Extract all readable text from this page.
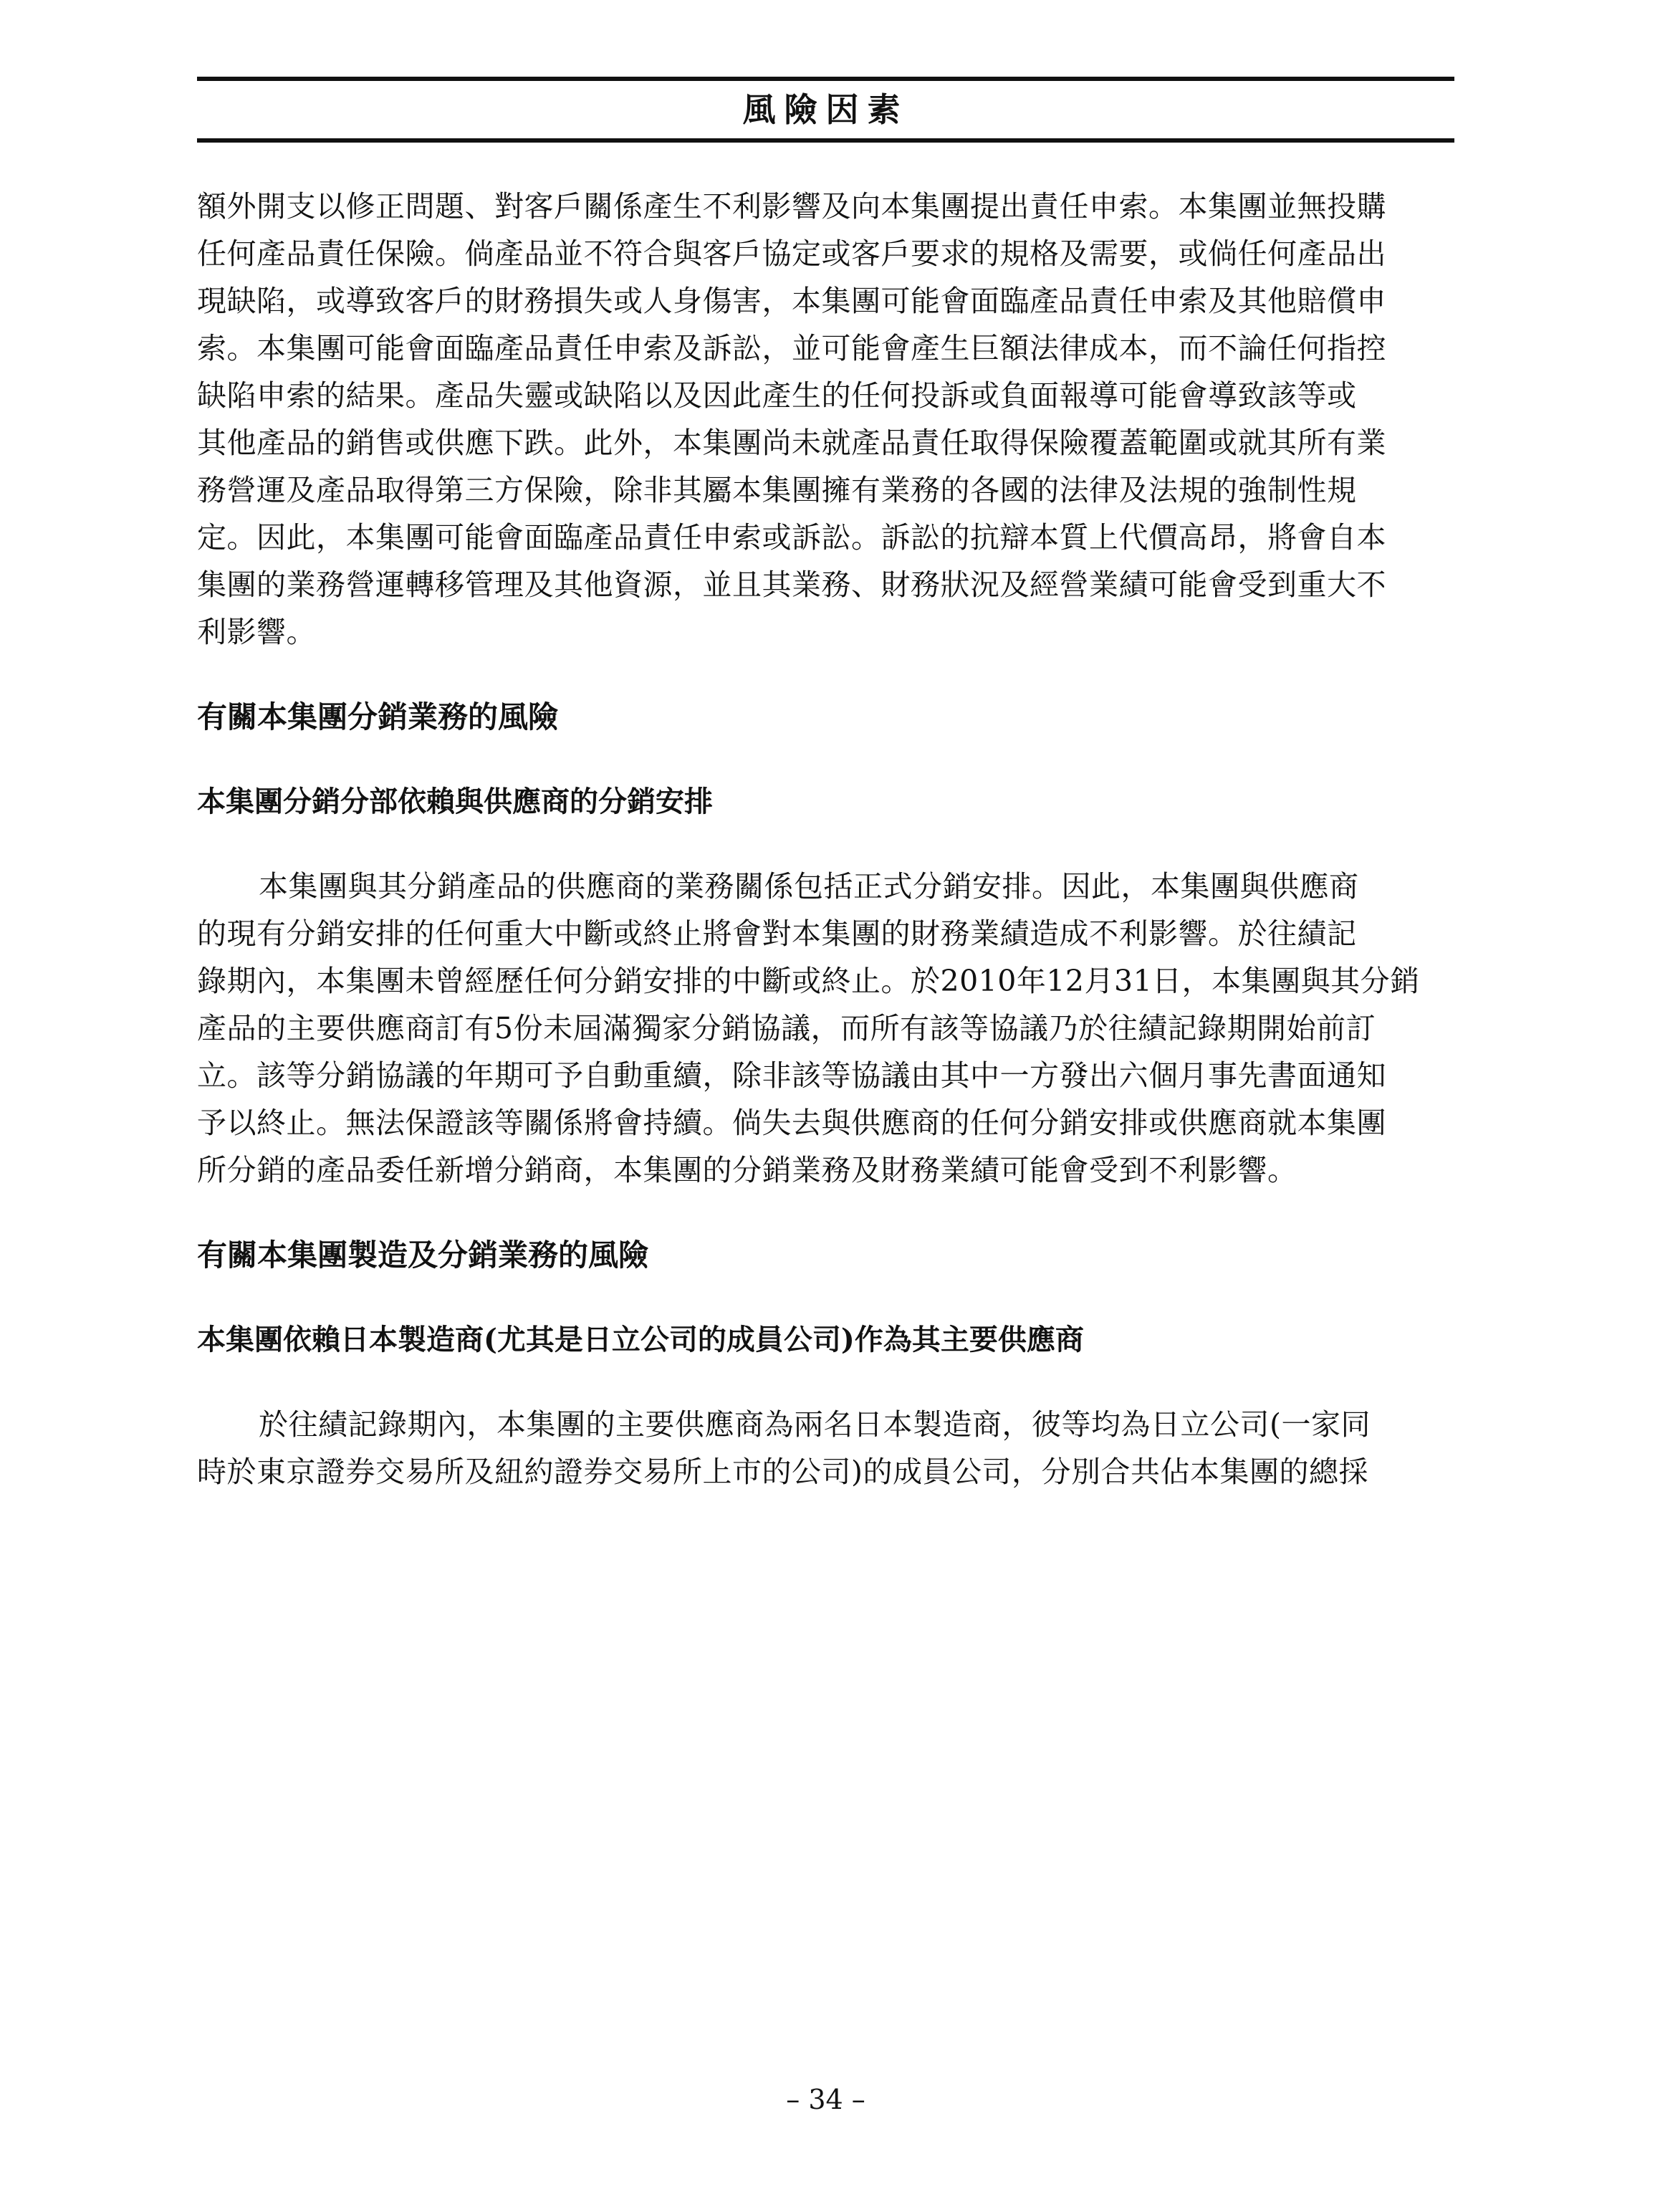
風險因素
額外開支以修正問題、對客戶關係產生不利影響及向本集團提出責任申索。本集團並無投購
任何產品責任保險。倘產品並不符合與客戶協定或客戶要求的規格及需要，或倘任何產品出
現缺陷，或導致客戶的財務損失或人身傷害，本集團可能會面臨產品責任申索及其他賠償申
索。本集團可能會面臨產品責任申索及訴訟，並可能會產生巨額法律成本，而不論任何指控
缺陷申索的結果。產品失靈或缺陷以及因此產生的任何投訴或負面報導可能會導致該等或
其他產品的銷售或供應下跌。此外，本集團尚未就產品責任取得保險覆蓋範圍或就其所有業
務營運及產品取得第三方保險，除非其屬本集團擁有業務的各國的法律及法規的強制性規
定。因此，本集團可能會面臨產品責任申索或訴訟。訴訟的抗辯本質上代價高昂，將會自本
集團的業務營運轉移管理及其他資源，並且其業務、財務狀況及經營業績可能會受到重大不
利影響。
有關本集團分銷業務的風險
本集團分銷分部依賴與供應商的分銷安排
本集團與其分銷產品的供應商的業務關係包括正式分銷安排。因此，本集團與供應商
的現有分銷安排的任何重大中斷或終止將會對本集團的財務業績造成不利影響。於往績記
錄期內，本集團未曾經歷任何分銷安排的中斷或終止。於2010年12月31日，本集團與其分銷
產品的主要供應商訂有5份未屆滿獨家分銷協議，而所有該等協議乃於往績記錄期開始前訂
立。該等分銷協議的年期可予自動重續，除非該等協議由其中一方發出六個月事先書面通知
予以終止。無法保證該等關係將會持續。倘失去與供應商的任何分銷安排或供應商就本集團
所分銷的產品委任新增分銷商，本集團的分銷業務及財務業績可能會受到不利影響。
有關本集團製造及分銷業務的風險
本集團依賴日本製造商(尤其是日立公司的成員公司)作為其主要供應商
於往績記錄期內，本集團的主要供應商為兩名日本製造商，彼等均為日立公司(一家同
時於東京證券交易所及紐約證券交易所上市的公司)的成員公司，分別合共佔本集團的總採
– 34 –
